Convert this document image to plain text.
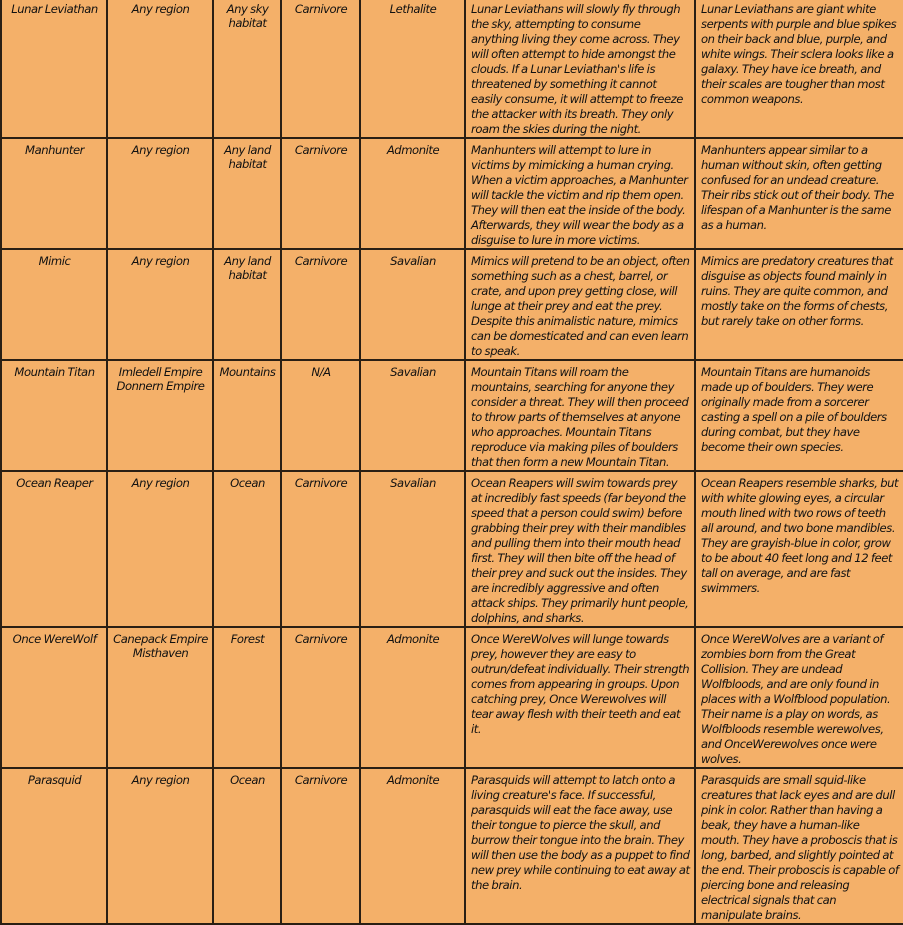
Lunar Leviathan	Any region	Any sky
habitat
	Carnivore	Lethalite	Lunar Leviathans will slowly fly through the sky, attempting to consume anything living they come across. They will often attempt to hide amongst the clouds. If a Lunar Leviathan's life is threatened by something it cannot easily consume, it will attempt to freeze the attacker with its breath. They only roam the skies during the night.	Lunar Leviathans are giant white serpents with purple and blue spikes on their back and blue, purple, and white wings. Their sclera looks like a galaxy. They have ice breath, and their scales are tougher than most common weapons.
Manhunter	Any region	Any land
habitat	Carnivore	Admonite	Manhunters will attempt to lure in victims by mimicking a human crying. When a victim approaches, a Manhunter will tackle the victim and rip them open. They will then eat the inside of the body. Afterwards, they will wear the body as a disguise to lure in more victims.	Manhunters appear similar to a human without skin, often getting confused for an undead creature. Their ribs stick out of their body. The lifespan of a Manhunter is the same as a human.
Mimic	Any region	Any land
habitat	Carnivore	Savalian	Mimics will pretend to be an object, often something such as a chest, barrel, or crate, and upon prey getting close, will lunge at their prey and eat the prey. Despite this animalistic nature, mimics can be domesticated and can even learn to speak.	Mimics are predatory creatures that disguise as objects found mainly in ruins. They are quite common, and mostly take on the forms of chests, but rarely take on other forms.
Mountain Titan	Imledell Empire
Donnern Empire	Mountains	N/A	Savalian	Mountain Titans will roam the mountains, searching for anyone they consider a threat. They will then proceed to throw parts of themselves at anyone who approaches. Mountain Titans reproduce via making piles of boulders that then form a new Mountain Titan.	Mountain Titans are humanoids made up of boulders. They were originally made from a sorcerer casting a spell on a pile of boulders during combat, but they have become their own species.
Ocean Reaper	Any region	Ocean	Carnivore	Savalian	Ocean Reapers will swim towards prey at incredibly fast speeds (far beyond the speed that a person could swim) before grabbing their prey with their mandibles and pulling them into their mouth head first. They will then bite off the head of their prey and suck out the insides. They are incredibly aggressive and often attack ships. They primarily hunt people, dolphins, and sharks.	Ocean Reapers resemble sharks, but with white glowing eyes, a circular mouth lined with two rows of teeth all around, and two bone mandibles. They are grayish-blue in color, grow to be about 40 feet long and 12 feet tall on average, and are fast swimmers.
Once WereWolf	Canepack Empire
Misthaven

Forest	Carnivore	Admonite	Once WereWolves will lunge towards prey, however they are easy to outrun/defeat individually. Their strength comes from appearing in groups. Upon catching prey, Once Werewolves will tear away flesh with their teeth and eat it.	Once WereWolves are a variant of zombies born from the Great Collision. They are undead Wolfbloods, and are only found in places with a Wolfblood population. Their name is a play on words, as Wolfbloods resemble werewolves, and OnceWerewolves once were wolves.
Parasquid	Any region	Ocean	Carnivore	Admonite	Parasquids will attempt to latch onto a living creature's face. If successful, parasquids will eat the face away, use their tongue to pierce the skull, and burrow their tongue into the brain. They will then use the body as a puppet to find new prey while continuing to eat away at the brain.	Parasquids are small squid-like creatures that lack eyes and are dull pink in color. Rather than having a beak, they have a human-like mouth. They have a proboscis that is long, barbed, and slightly pointed at the end. Their proboscis is capable of piercing bone and releasing electrical signals that can manipulate brains.
